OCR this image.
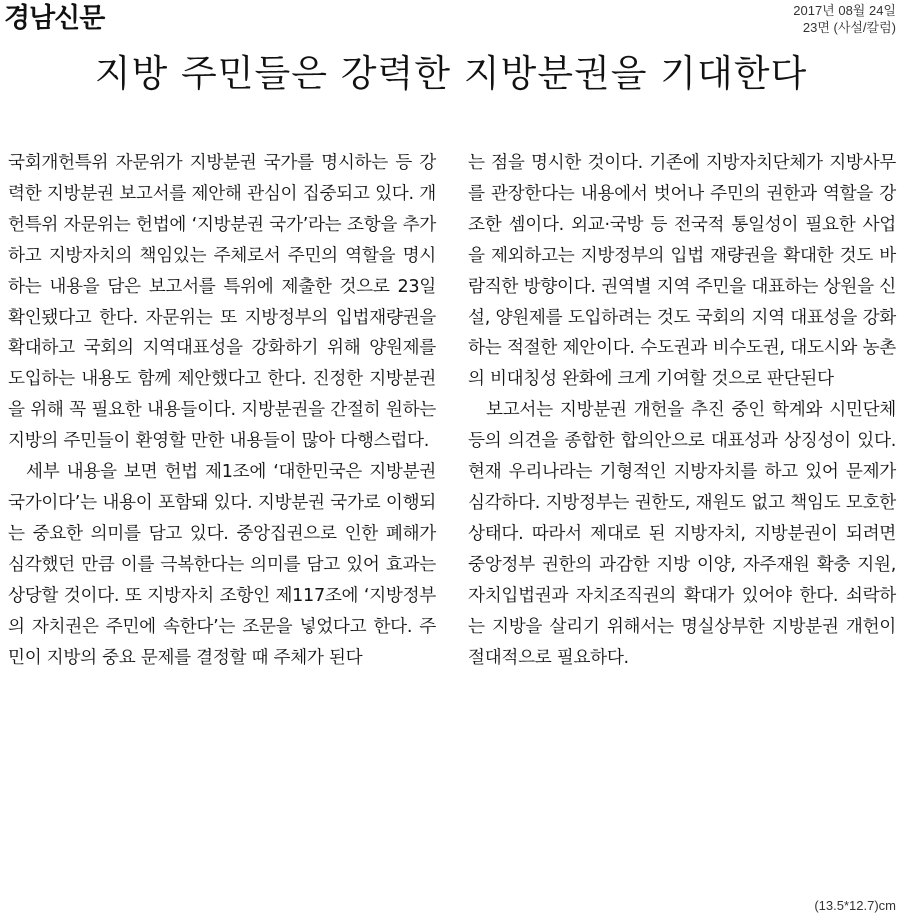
경남신문	2017년 08월 24일
23면 (사설/칼럼)
지방 주민들은 강력한 지방분권을 기대한다

국회개헌특위 자문위가 지방분권 국가를 명시하는 등 강력한 지방분권 보고서를 제안해 관심이 집중되고 있다. 개헌특위 자문위는 헌법에 ‘지방분권 국가’라는 조항을 추가하고 지방자치의 책임있는 주체로서 주민의 역할을 명시하는 내용을 담은 보고서를 특위에 제출한 것으로 23일 확인됐다고 한다. 자문위는 또 지방정부의 입법재량권을 확대하고 국회의 지역대표성을 강화하기 위해 양원제를 도입하는 내용도 함께 제안했다고 한다. 진정한 지방분권을 위해 꼭 필요한 내용들이다. 지방분권을 간절히 원하는 지방의 주민들이 환영할 만한 내용들이 많아 다행스럽다.

세부 내용을 보면 헌법 제1조에 ‘대한민국은 지방분권 국가이다’는 내용이 포함돼 있다. 지방분권 국가로 이행되는 중요한 의미를 담고 있다. 중앙집권으로 인한 폐해가 심각했던 만큼 이를 극복한다는 의미를 담고 있어 효과는 상당할 것이다. 또 지방자치 조항인 제117조에 ‘지방정부의 자치권은 주민에 속한다’는 조문을 넣었다고 한다. 주민이 지방의 중요 문제를 결정할 때 주체가 된다

는 점을 명시한 것이다. 기존에 지방자치단체가 지방사무를 관장한다는 내용에서 벗어나 주민의 권한과 역할을 강조한 셈이다. 외교·국방 등 전국적 통일성이 필요한 사업을 제외하고는 지방정부의 입법 재량권을 확대한 것도 바람직한 방향이다. 권역별 지역 주민을 대표하는 상원을 신설, 양원제를 도입하려는 것도 국회의 지역 대표성을 강화하는 적절한 제안이다. 수도권과 비수도권, 대도시와 농촌의 비대칭성 완화에 크게 기여할 것으로 판단된다

보고서는 지방분권 개헌을 추진 중인 학계와 시민단체 등의 의견을 종합한 합의안으로 대표성과 상징성이 있다. 현재 우리나라는 기형적인 지방자치를 하고 있어 문제가 심각하다. 지방정부는 권한도, 재원도 없고 책임도 모호한 상태다. 따라서 제대로 된 지방자치, 지방분권이 되려면 중앙정부 권한의 과감한 지방 이양, 자주재원 확충 지원, 자치입법권과 자치조직권의 확대가 있어야 한다. 쇠락하는 지방을 살리기 위해서는 명실상부한 지방분권 개헌이 절대적으로 필요하다.

(13.5*12.7)cm
